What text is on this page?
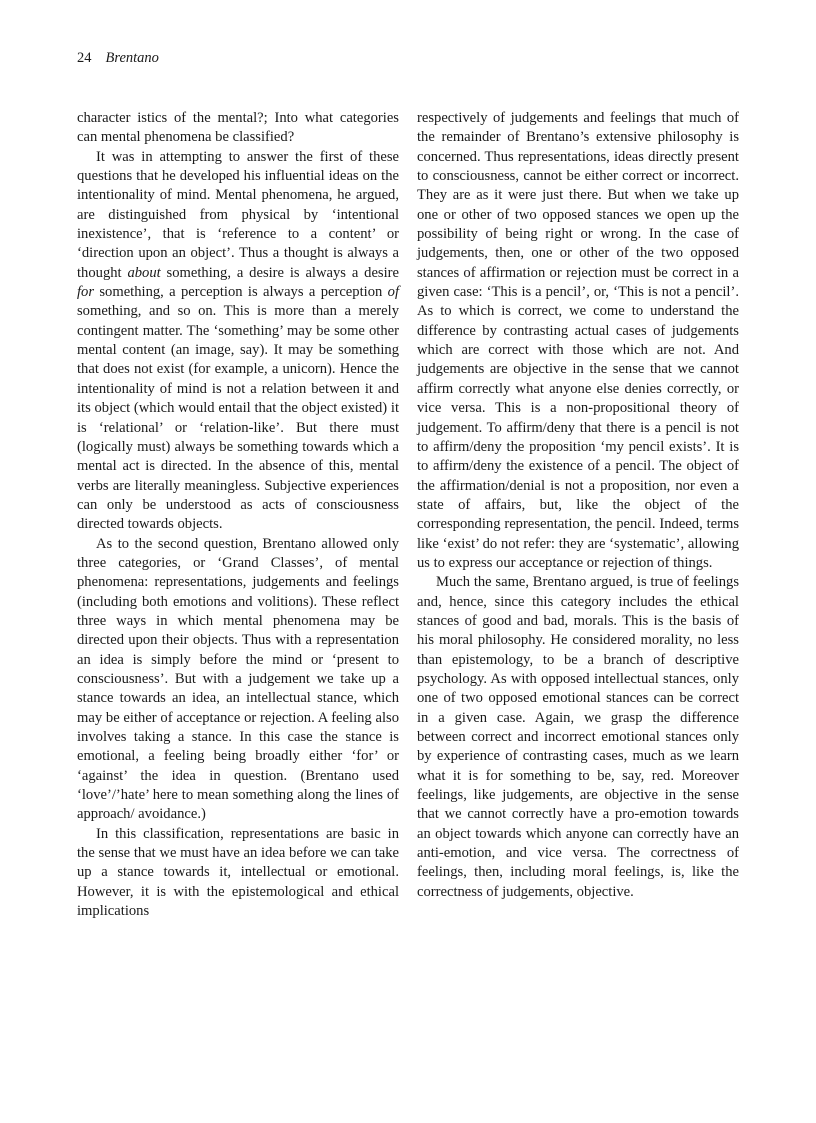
24 Brentano

character istics of the mental?; Into what categories can mental phenomena be classified?

It was in attempting to answer the first of these questions that he developed his influential ideas on the intentionality of mind. Mental phenomena, he argued, are distinguished from physical by ‘intentional inexistence’, that is ‘reference to a content’ or ‘direction upon an object’. Thus a thought is always a thought about something, a desire is always a desire for something, a perception is always a perception of something, and so on. This is more than a merely contingent matter. The ‘something’ may be some other mental content (an image, say). It may be something that does not exist (for example, a unicorn). Hence the intentionality of mind is not a relation between it and its object (which would entail that the object existed) it is ‘relational’ or ‘relation-like’. But there must (logically must) always be something towards which a mental act is directed. In the absence of this, mental verbs are literally meaningless. Subjective experiences can only be understood as acts of consciousness directed towards objects.

As to the second question, Brentano allowed only three categories, or ‘Grand Classes’, of mental phenomena: representations, judgements and feelings (including both emotions and volitions). These reflect three ways in which mental phenomena may be directed upon their objects. Thus with a representation an idea is simply before the mind or ‘present to consciousness’. But with a judgement we take up a stance towards an idea, an intellectual stance, which may be either of acceptance or rejection. A feeling also involves taking a stance. In this case the stance is emotional, a feeling being broadly either ‘for’ or ‘against’ the idea in question. (Brentano used ‘love’/’hate’ here to mean something along the lines of approach/ avoidance.)

In this classification, representations are basic in the sense that we must have an idea before we can take up a stance towards it, intellectual or emotional. However, it is with the epistemological and ethical implications

respectively of judgements and feelings that much of the remainder of Brentano’s extensive philosophy is concerned. Thus representations, ideas directly present to consciousness, cannot be either correct or incorrect. They are as it were just there. But when we take up one or other of two opposed stances we open up the possibility of being right or wrong. In the case of judgements, then, one or other of the two opposed stances of affirmation or rejection must be correct in a given case: ‘This is a pencil’, or, ‘This is not a pencil’. As to which is correct, we come to understand the difference by contrasting actual cases of judgements which are correct with those which are not. And judgements are objective in the sense that we cannot affirm correctly what anyone else denies correctly, or vice versa. This is a non-propositional theory of judgement. To affirm/deny that there is a pencil is not to affirm/deny the proposition ‘my pencil exists’. It is to affirm/deny the existence of a pencil. The object of the affirmation/denial is not a proposition, nor even a state of affairs, but, like the object of the corresponding representation, the pencil. Indeed, terms like ‘exist’ do not refer: they are ‘systematic’, allowing us to express our acceptance or rejection of things.

Much the same, Brentano argued, is true of feelings and, hence, since this category includes the ethical stances of good and bad, morals. This is the basis of his moral philosophy. He considered morality, no less than epistemology, to be a branch of descriptive psychology. As with opposed intellectual stances, only one of two opposed emotional stances can be correct in a given case. Again, we grasp the difference between correct and incorrect emotional stances only by experience of contrasting cases, much as we learn what it is for something to be, say, red. Moreover feelings, like judgements, are objective in the sense that we cannot correctly have a pro-emotion towards an object towards which anyone can correctly have an anti-emotion, and vice versa. The correctness of feelings, then, including moral feelings, is, like the correctness of judgements, objective.
